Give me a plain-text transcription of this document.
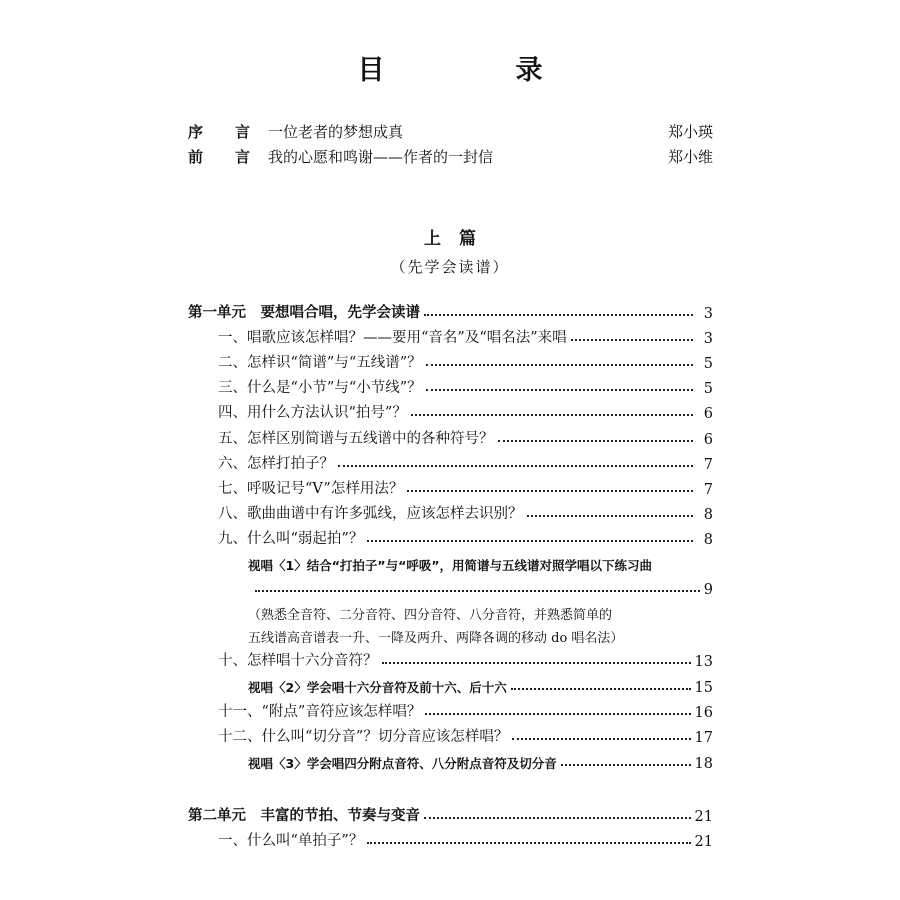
目　录
序 言 一位老者的梦想成真	郑小瑛
前 言 我的心愿和鸣谢——作者的一封信	郑小维
上篇
（先学会读谱）
第一单元　要想唱合唱，先学会读谱	3
一、唱歌应该怎样唱？——要用“音名”及“唱名法”来唱	3
二、怎样识“简谱”与“五线谱”？	5
三、什么是“小节”与“小节线”？	5
四、用什么方法认识“拍号”？	6
五、怎样区别简谱与五线谱中的各种符号？	6
六、怎样打拍子？	7
七、呼吸记号“V”怎样用法？	7
八、歌曲曲谱中有许多弧线，应该怎样去识别？	8
九、什么叫“弱起拍”？	8
视唱〈1〉结合“打拍子”与“呼吸”，用简谱与五线谱对照学唱以下练习曲
9
（熟悉全音符、二分音符、四分音符、八分音符，并熟悉简单的
五线谱高音谱表一升、一降及两升、两降各调的移动 do 唱名法）
十、怎样唱十六分音符？	13
视唱〈2〉学会唱十六分音符及前十六、后十六	15
十一、“附点”音符应该怎样唱？	16
十二、什么叫“切分音”？切分音应该怎样唱？	17
视唱〈3〉学会唱四分附点音符、八分附点音符及切分音	18
第二单元　丰富的节拍、节奏与变音	21
一、什么叫“单拍子”？	21
